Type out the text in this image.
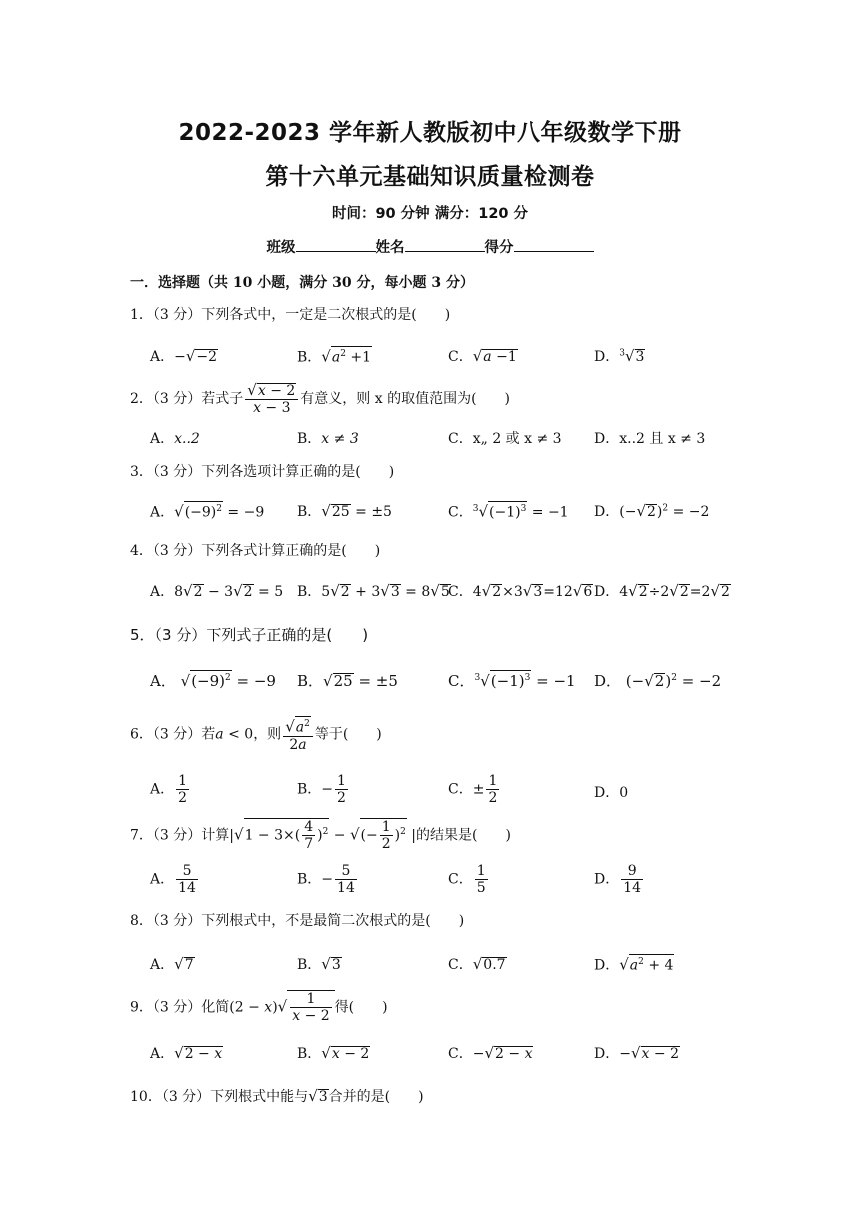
2022-2023 学年新人教版初中八年级数学下册
第十六单元基础知识质量检测卷
时间：90 分钟 满分：120 分
班级	姓名	得分
一．选择题（共 10 小题，满分 30 分，每小题 3 分）
1．（3 分）下列各式中，一定是二次根式的是(　　)
A．−√−2	B．$√a^2 +1$	C．√a −1	D．$^3$√3
2．（3 分）若式子 $\frac{√x - 2}{x - 3}$ 有意义，则 x 的取值范围为(　　)
A．x..2	B．x ≠ 3	C．x„ 2 或 x ≠ 3 D．x..2 且 x ≠ 3
3．（3 分）下列各选项计算正确的是(　　)
A．$√(-9)^2 = -9$ B．√25 = ±5	C．$^3√(-1)^3 = -1$ D．$(-√2)^2 = -2$
4．（3 分）下列各式计算正确的是(　　)
A．8√2 − 3√2 = 5 B．5√2 + 3√3 = 8√5
C．4√2×3√3=12√6 D．4√2÷2√2=2√2
5．（3 分）下列式子正确的是(　　)
A． $√(-9)^2 = -9$ B．√25 = ±5	C．$^3√(-1)^3 = -1$ D． $(-√2)^2 = -2$
6．（3 分）若a < 0，则 $\frac{√a^2}{2a}$ 等于(　　)
A． $\frac{1}{2}$	B．− $\frac{1}{2}$	C．± $\frac{1}{2}$	D．0
7．（3 分）计算$|√1 - 3\times( \frac{4}{7} )^2$ − √(− $\frac{1}{2} )^2$ |的结果是(　　)
A． $\frac{5}{14}$	B．− $\frac{5}{14}$	C． $\frac{1}{5}$	D． $\frac{9}{14}$
8．（3 分）下列根式中，不是最简二次根式的是(　　)
A．√7	B．√3	C．√0.7	D．$√a^2 + 4$
9．（3 分）化简$(2 - x)√ \frac{1}{x - 2}$ 得(　　)
A．√2 − x	B．√x − 2	C．−√2 − x	D．−√x − 2
10．（3 分）下列根式中能与√3合并的是(　　)
